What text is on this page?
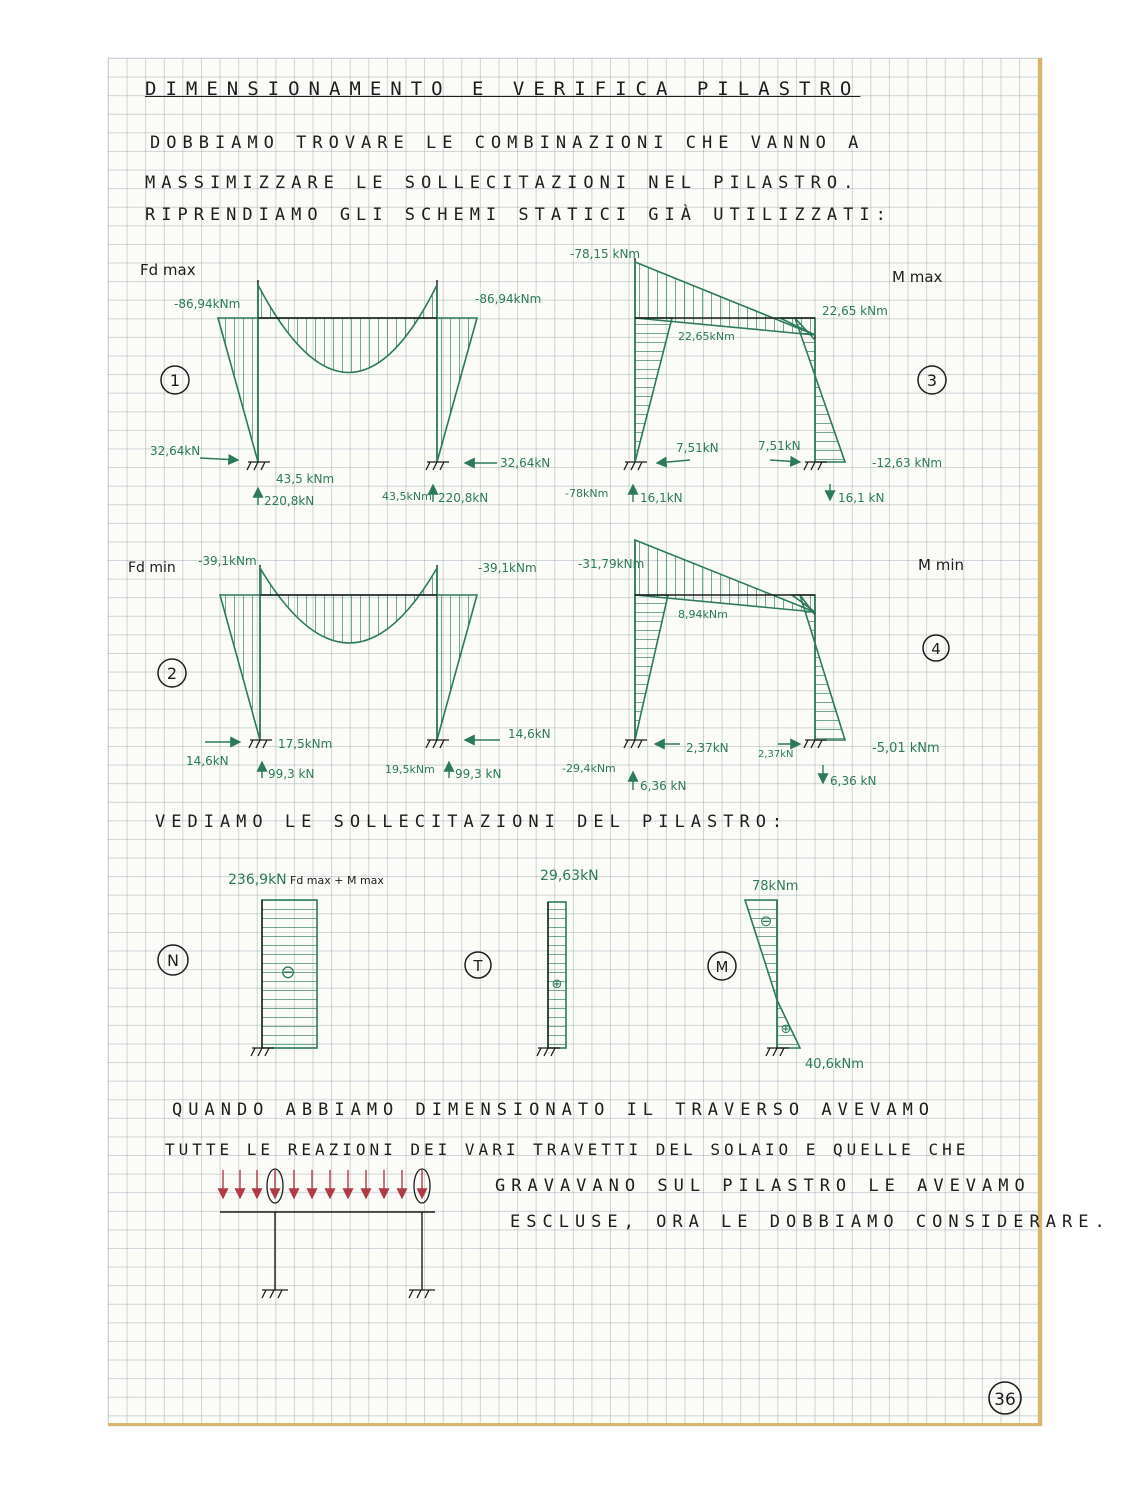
DIMENSIONAMENTO E VERIFICA PILASTRO
DOBBIAMO TROVARE LE COMBINAZIONI CHE VANNO A
MASSIMIZZARE LE SOLLECITAZIONI NEL PILASTRO.
RIPRENDIAMO GLI SCHEMI STATICI GIÀ UTILIZZATI:
VEDIAMO LE SOLLECITAZIONI DEL PILASTRO:
QUANDO ABBIAMO DIMENSIONATO IL TRAVERSO AVEVAMO
TUTTE LE REAZIONI DEI VARI TRAVETTI DEL SOLAIO E QUELLE CHE
GRAVAVANO SUL PILASTRO LE AVEVAMO
ESCLUSE, ORA LE DOBBIAMO CONSIDERARE.
Fd max
1
-86,94kNm	-86,94kNm
32,64kN
32,64kN
43,5 kNm
43,5kNm
220,8kN	220,8kN
M max
3
-78,15 kNm
22,65 kNm
22,65kNm
7,51kN	7,51kN
-78kNm
-12,63 kNm
16,1kN	16,1 kN
Fd min
2
-39,1kNm	-39,1kNm
14,6kN
14,6kN
17,5kNm
19,5kNm
99,3 kN	99,3 kN
M min
4
-31,79kNm
8,94kNm
2,37kN	2,37kN
-29,4kNm
-5,01 kNm
6,36 kN	6,36 kN
N
236,9kN Fd max + M max
⊖	T
29,63kN
⊕
M
78kNm
40,6kNm
⊖
⊕
36
